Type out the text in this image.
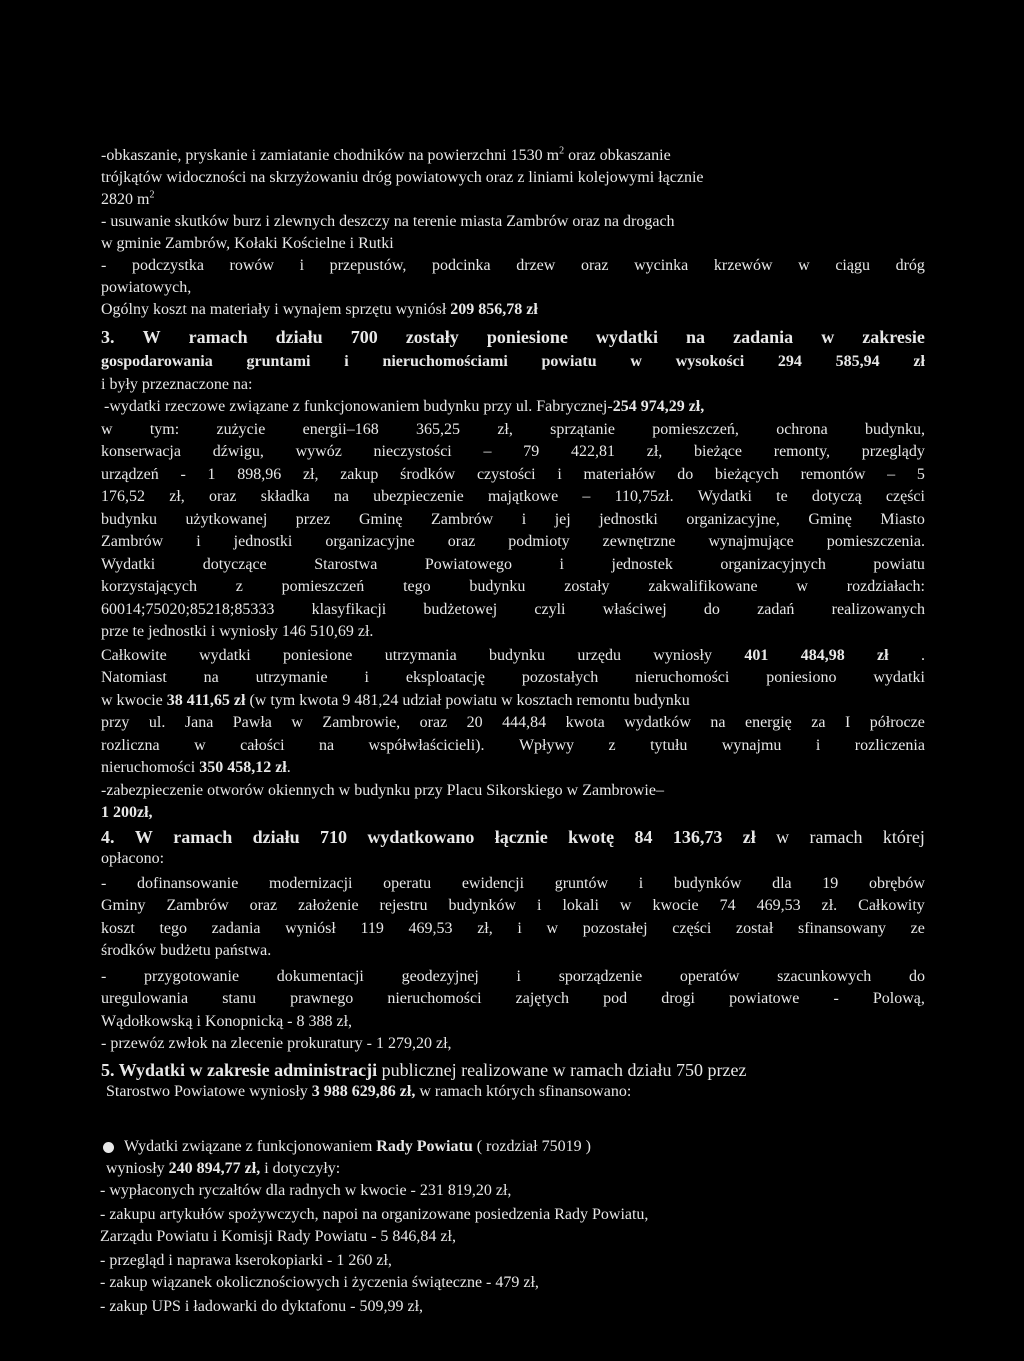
-obkaszanie, pryskanie i zamiatanie chodników na powierzchni 1530 $m^2$ oraz obkaszanie
trójkątów widoczności na skrzyżowaniu dróg powiatowych oraz z liniami kolejowymi łącznie
2820 $m^2$
- usuwanie skutków burz i zlewnych deszczy na terenie miasta Zambrów oraz na drogach
w gminie Zambrów, Kołaki Kościelne i Rutki
- podczystka rowów i przepustów, podcinka drzew oraz wycinka krzewów w ciągu dróg
powiatowych,
Ogólny koszt na materiały i wynajem sprzętu wyniósł 209 856,78 zł
3. W ramach działu 700 zostały poniesione wydatki na zadania w zakresie
gospodarowania gruntami i nieruchomościami powiatu w wysokości 294 585,94 zł
i były przeznaczone na:
-wydatki rzeczowe związane z funkcjonowaniem budynku przy ul. Fabrycznej-254 974,29 zł,
w tym: zużycie energii–168 365,25 zł, sprzątanie pomieszczeń, ochrona budynku,
konserwacja dźwigu, wywóz nieczystości – 79 422,81 zł, bieżące remonty, przeglądy
urządzeń - 1 898,96 zł, zakup środków czystości i materiałów do bieżących remontów – 5
176,52 zł, oraz składka na ubezpieczenie majątkowe – 110,75zł. Wydatki te dotyczą części
budynku użytkowanej przez Gminę Zambrów i jej jednostki organizacyjne, Gminę Miasto
Zambrów i jednostki organizacyjne oraz podmioty zewnętrzne wynajmujące pomieszczenia.
Wydatki	dotyczące	Starostwa	Powiatowego	i	jednostek	organizacyjnych	powiatu
korzystających z pomieszczeń tego budynku zostały zakwalifikowane w rozdziałach:
60014;75020;85218;85333 klasyfikacji budżetowej czyli właściwej do zadań realizowanych
prze te jednostki i wyniosły 146 510,69 zł.
Całkowite wydatki poniesione utrzymania budynku urzędu wyniosły 401 484,98 zł .
Natomiast na utrzymanie i eksploatację pozostałych nieruchomości poniesiono wydatki
w kwocie 38 411,65 zł (w tym kwota 9 481,24 udział powiatu w kosztach remontu budynku
przy ul. Jana Pawła w Zambrowie, oraz 20 444,84 kwota wydatków na energię za I półrocze
rozliczna w całości na współwłaścicieli). Wpływy z tytułu wynajmu i rozliczenia
nieruchomości 350 458,12 zł.
-zabezpieczenie otworów okiennych w budynku przy Placu Sikorskiego w Zambrowie–
1 200zł,
4. W ramach działu 710 wydatkowano łącznie kwotę 84 136,73 zł w ramach której
opłacono:
- dofinansowanie modernizacji operatu ewidencji gruntów i budynków dla 19 obrębów
Gminy Zambrów oraz założenie rejestru budynków i lokali w kwocie 74 469,53 zł. Całkowity
koszt tego zadania wyniósł 119 469,53 zł, i w pozostałej części został sfinansowany ze
środków budżetu państwa.
- przygotowanie dokumentacji geodezyjnej i sporządzenie operatów szacunkowych do
uregulowania stanu prawnego nieruchomości zajętych pod drogi powiatowe - Polową,
Wądołkowską i Konopnicką - 8 388 zł,
- przewóz zwłok na zlecenie prokuratury - 1 279,20 zł,
5. Wydatki w zakresie administracji publicznej realizowane w ramach działu 750 przez
Starostwo Powiatowe wyniosły 3 988 629,86 zł, w ramach których sfinansowano:
Wydatki związane z funkcjonowaniem Rady Powiatu ( rozdział 75019 )
wyniosły 240 894,77 zł, i dotyczyły:
- wypłaconych ryczałtów dla radnych w kwocie - 231 819,20 zł,
- zakupu artykułów spożywczych, napoi na organizowane posiedzenia Rady Powiatu,
Zarządu Powiatu i Komisji Rady Powiatu - 5 846,84 zł,
- przegląd i naprawa kserokopiarki - 1 260 zł,
- zakup wiązanek okolicznościowych i życzenia świąteczne - 479 zł,
- zakup UPS i ładowarki do dyktafonu - 509,99 zł,
